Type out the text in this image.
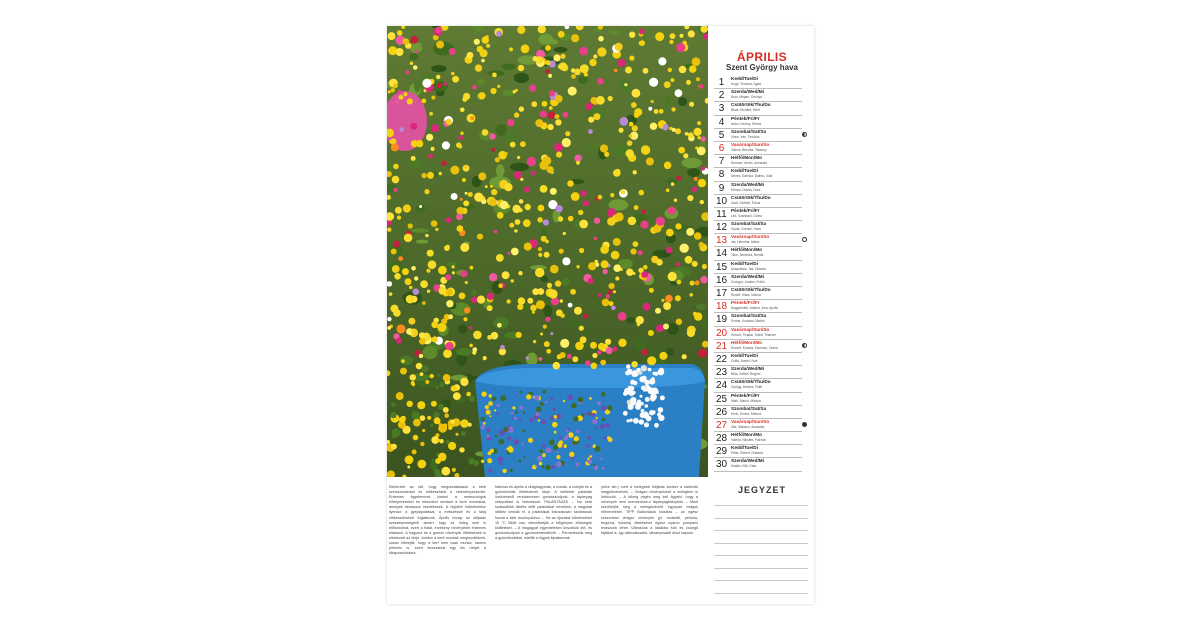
ÁPRILIS
Szent György hava
1	Kedd/Tue/Di
Hugó, Teodóra, Agád
2	Szerda/Wed/Mi
Áron, Mirjam, Orsolya
3	Csütörtök/Thu/Do
Buda, Richárd, Hédi
4	Péntek/Fri/Fr
Izidor, Kerény, Dénes
5	Szombat/Sat/Sa
Vince, Irén, Teodóra
6	Vasárnap/Sun/So
Vilmos, Bíborka, Taksony
7	Hétfő/Mon/Mo
Herman, Ármin, Armanda
8	Kedd/Tue/Di
Dénes, Darinka, Dalma, Júlia
9	Szerda/Wed/Mi
Erhard, Dusán, Dóra
10 Csütörtök/Thu/Do
Zsolt, Ezékiel, Fulvia
11 Péntek/Fri/Fr
Leó, Szaniszló, Glória
12 Szombat/Sat/Sa
Gyula, Csenkő, Hara
13 Vasárnap/Sun/So
Ida, Hermina, Márta
14 Hétfő/Mon/Mo
Tibor, Benedek, Benda
15 Kedd/Tue/Di
Anasztázia, Tas, Oktávia
16 Szerda/Wed/Mi
Csongor, Joakim, Enikő
17 Csütörtök/Thu/Do
Rudolf, Klára, Izidóra
18 Péntek/Fri/Fr
Nagypéntek, Andrea, Ilma, Apolló
19 Szombat/Sat/Sa
Emma, Kocsárd, Malvin
20 Vasárnap/Sun/So
Húsvét, Tivadar, Odett, Tihamér
21 Hétfő/Mon/Mo
Húsvét, Konrád, Zsombor, Zelma
22 Kedd/Tue/Di
Csilla, Noémi, Noé
23 Szerda/Wed/Mi
Béla, Gellért, Bögöm
24 Csütörtök/Thu/Do
György, Debóra, Fidél
25 Péntek/Fri/Fr
Márk, Márkó, Márkus
26 Szombat/Sat/Sa
Ervin, Ervina, Klétusz
27 Vasárnap/Sun/So
Zita, Mariann, Anasztáz
28 Hétfő/Mon/Mo
Valéria, Nikolett, Patrícia
29 Kedd/Tue/Di
Péter, Róbert, Roberta
30 Szerda/Wed/Mi
Katalin, Kitti, Kata
Elérkezett az idő, hogy megcsináltassuk a kerti szerszámainkat és előkészítsük a veteményeskertet. Érdemes figyelemmel kísérni a meteorológiai előrejelzéseket és elkezdeni mindazt a kerti munkákat, amelyek tavasszal esedékesek. A legtöbb hobbikertész ilyenkor a gyepápolással, a metszéssel és a talaj előkészítésével foglalkozik. Április hónap az időjárás szeszélyességéről ismert, fagy és hideg szél is előfordulhat, ezért a fiatal, érzékeny növényeket érdemes letakarni. A hagyma és a gumós növények ültetésének is elérkezett az ideje. Amikor a kerti munkák megkezdődnek, sokan elfelejtik, hogy a kert nem csak munka, hanem pihenés is, ezért tervezzünk egy kis helyet a kikapcsolódásra.
Március és április a virághagymák, a rózsák, a cserjék és a gyümölcsfák ültetésének ideje. A kiültetett palánták öntözéséről rendszeresen gondoskodjunk, a tápanyag utánpótlást is biztosítsuk. PALÁNTÁZÁS – Ha kerti szabadföldi ültetés előtt palántákat nevelünk, a magokat időben vessük el, a palántákat fokozatosan szoktassuk hozzá a kinti viszonyokhoz. – Ha az éjszakai hőmérséklet 10 °C fölött van, elkezdhetjük a hőigényes zöldségek kiültetését. – A magágyat egyenletesen készítsük elő, és gondoskodjunk a gyommentesítésről. – Permetezzük meg a gyümölcsfákat, mielőtt a rügyek kipattannak.
(olive stb.) mert a melegebb időjárás kedvez a kártevők megjelenésének. – Virágzó növényeinket a melegben is öntözzük. – A hőség végén meg kell figyelni, hogy a növények nem szenvednek-e tápanyaghiányban. – Most kezdhetjük meg a melegkedvelő, egynyári virágok előnevelését. TIPP Balkonláda kiosztás – az egész szezonban virágzó növények (pl. muskátli, petúnia, begónia, fukszia) ültetésével egész nyáron pompázó teraszunk lehet. Ültessünk a ládákba futó és csüngő fajtákat is, így változatosabb, látványosabb díszt kapunk.
JEGYZET
